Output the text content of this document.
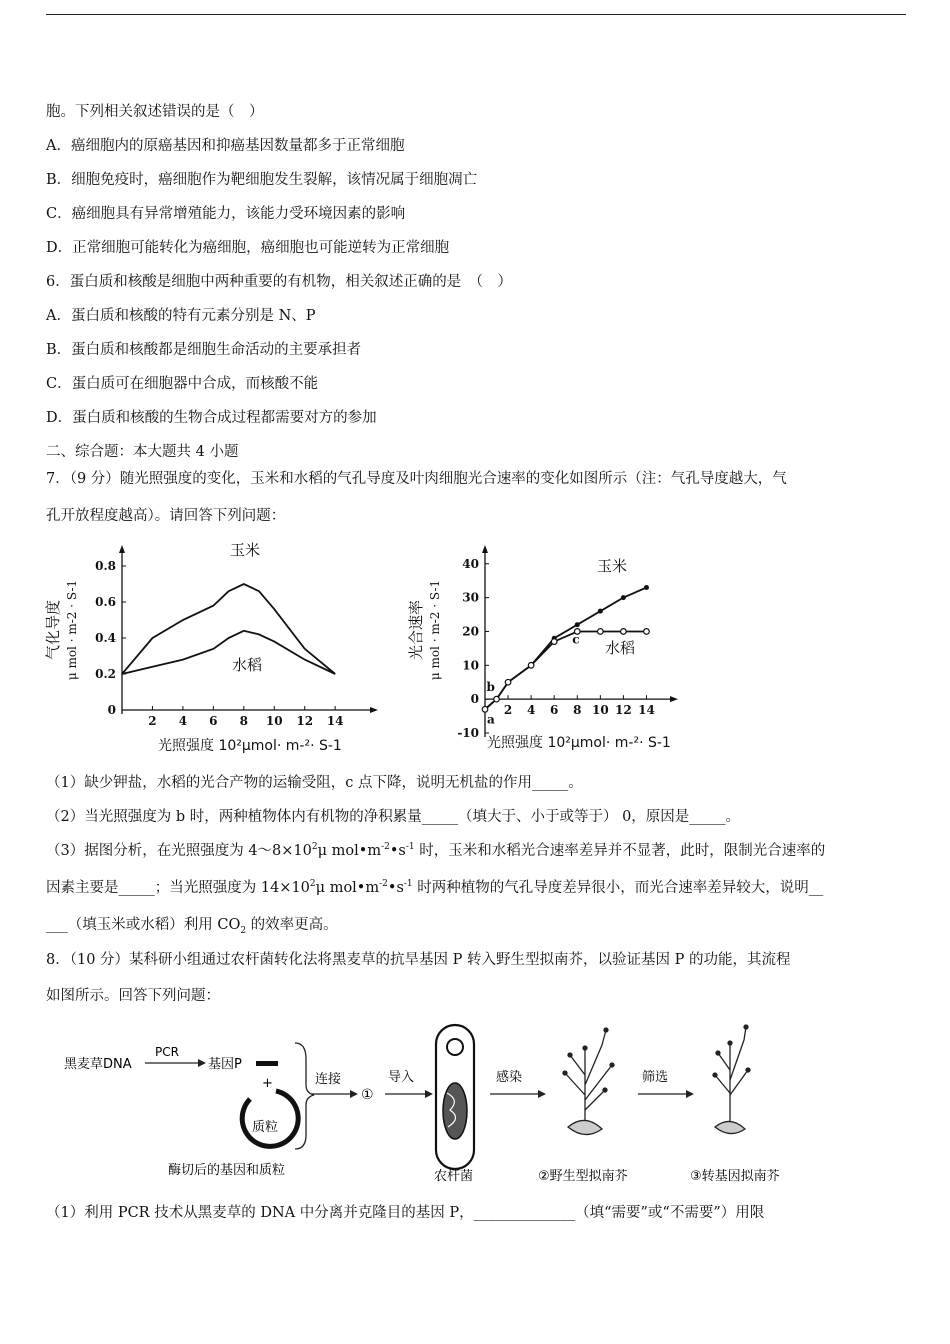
胞。下列相关叙述错误的是（　）
A．癌细胞内的原癌基因和抑癌基因数量都多于正常细胞
B．细胞免疫时，癌细胞作为靶细胞发生裂解，该情况属于细胞凋亡
C．癌细胞具有异常增殖能力，该能力受环境因素的影响
D．正常细胞可能转化为癌细胞，癌细胞也可能逆转为正常细胞
6．蛋白质和核酸是细胞中两种重要的有机物，相关叙述正确的是　（　）
A．蛋白质和核酸的特有元素分别是 N、P
B．蛋白质和核酸都是细胞生命活动的主要承担者
C．蛋白质可在细胞器中合成，而核酸不能
D．蛋白质和核酸的生物合成过程都需要对方的参加
二、综合题：本大题共 4 小题
7．（9 分）随光照强度的变化，玉米和水稻的气孔导度及叶肉细胞光合速率的变化如图所示（注：气孔导度越大，气
孔开放程度越高）。请回答下列问题：
2 4 6 8 10 12 14
0
0.2
0.4
0.6
0.8
玉米
水稻
气化导度 μ mol · m-2 · S-1
光照强度 10²μmol· m-²· S-1
2 4 6 8 10 12 14
-10
0
10
20
30
40	玉米
水稻
光合速率 μ mol · m-2 · S-1
光照强度 10²μmol· m-²· S-1
a
b
c
（1）缺少钾盐，水稻的光合产物的运输受阻，c 点下降，说明无机盐的作用_____。
（2）当光照强度为 b 时，两种植物体内有机物的净积累量_____（填大于、小于或等于） 0，原因是_____。
（3）据图分析，在光照强度为 $4\sim 8\times 10^2\mu$ $mol•m^{-2}•s^{-1}$ 时，玉米和水稻光合速率差异并不显著，此时，限制光合速率的
因素主要是_____；当光照强度为 $14\times 10^2\mu$ $mol•m^{-2}•s^{-1}$ 时两种植物的气孔导度差异很小，而光合速率差异较大，说明__
___（填玉米或水稻）利用 $CO_2$ 的效率更高。
8．（10 分）某科研小组通过农杆菌转化法将黑麦草的抗旱基因 P 转入野生型拟南芥，以验证基因 P 的功能，其流程
如图所示。回答下列问题：
黑麦草DNA
PCR
基因P
+
质粒
连接
①
导入	感染	筛选
酶切后的基因和质粒	农杆菌	②野生型拟南芥	③转基因拟南芥
（1）利用 PCR 技术从黑麦草的 DNA 中分离并克隆目的基因 P，______________（填“需要”或“不需要”）用限
